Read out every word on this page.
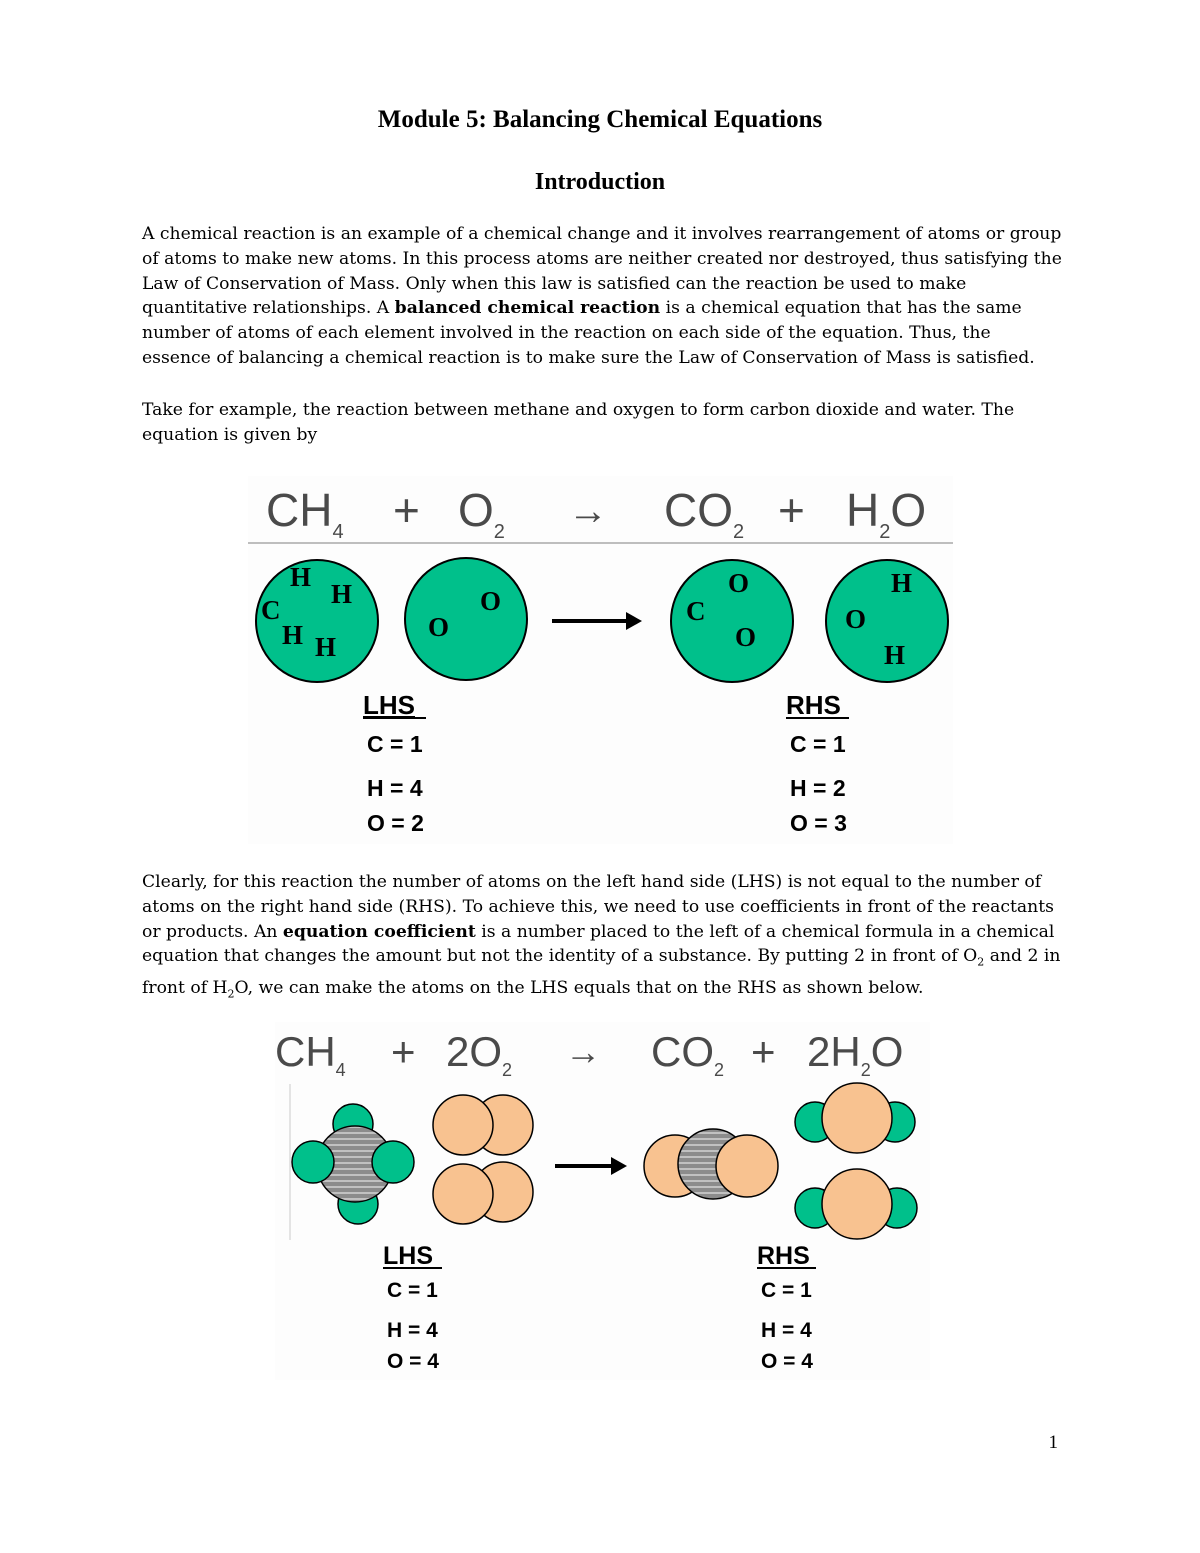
Module 5: Balancing Chemical Equations
Introduction

A chemical reaction is an example of a chemical change and it involves rearrangement of atoms or group of atoms to make new atoms. In this process atoms are neither created nor destroyed, thus satisfying the Law of Conservation of Mass. Only when this law is satisfied can the reaction be used to make quantitative relationships. A balanced chemical reaction is a chemical equation that has the same number of atoms of each element involved in the reaction on each side of the equation. Thus, the essence of balancing a chemical reaction is to make sure the Law of Conservation of Mass is satisfied.

Take for example, the reaction between methane and oxygen to form carbon dioxide and water. The equation is given by

$CH_4 + O_2 \to CO_2 + H_2O$
H
H
C
H H
O
O
O
C
O
H
O
H
LHS
C = 1
H = 4
O = 2
RHS
C = 1
H = 2
O = 3

Clearly, for this reaction the number of atoms on the left hand side (LHS) is not equal to the number of atoms on the right hand side (RHS). To achieve this, we need to use coefficients in front of the reactants or products. An equation coefficient is a number placed to the left of a chemical formula in a chemical equation that changes the amount but not the identity of a substance. By putting 2 in front of $O_2$ and 2 in front of $H_2O$, we can make the atoms on the LHS equals that on the RHS as shown below.

$CH_4 + 2O_2 \to CO_2 + 2H_2O$
LHS
C = 1
H = 4
O = 4
RHS
C = 1
H = 4
O = 4

1
